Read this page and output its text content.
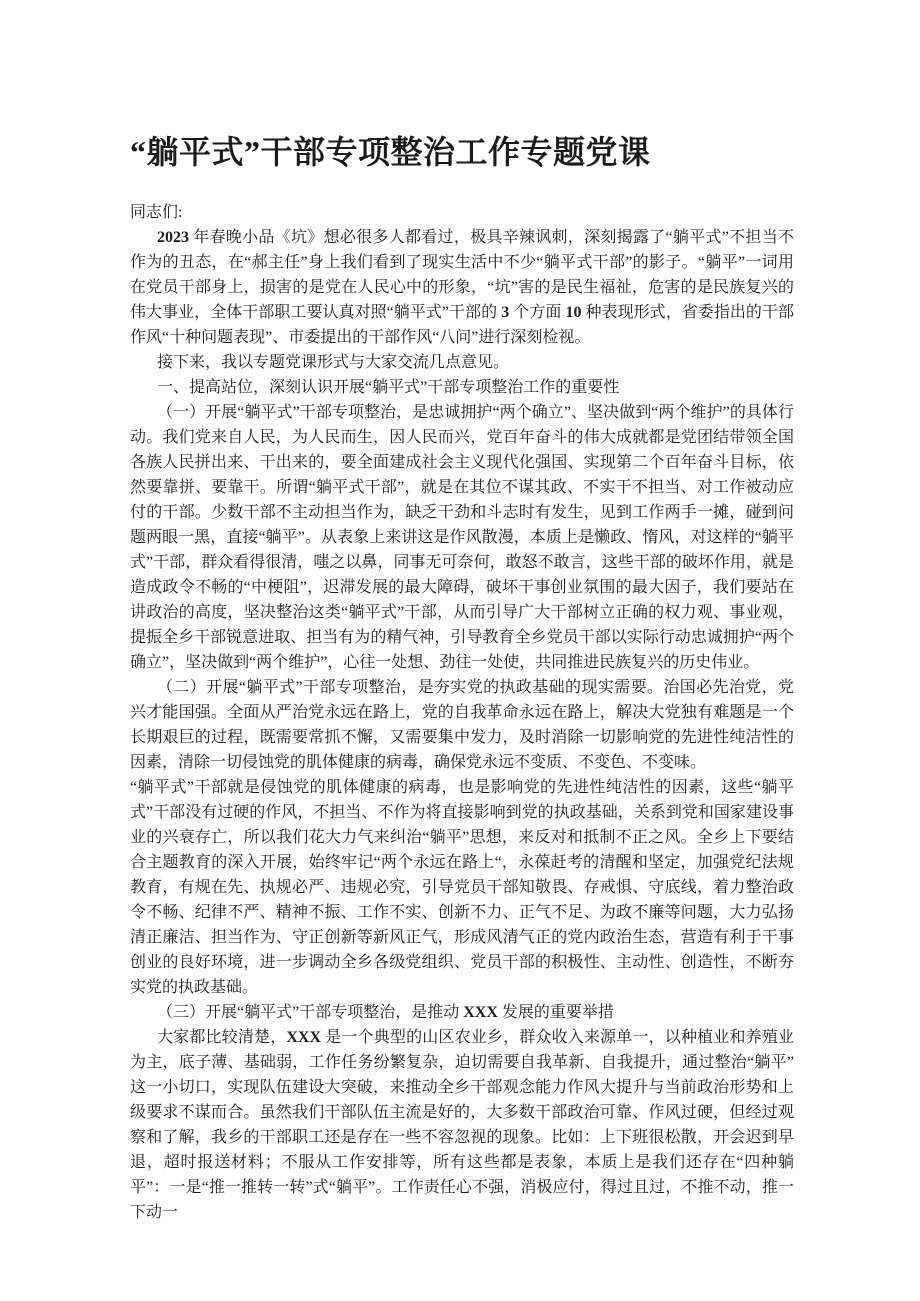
“躺平式”干部专项整治工作专题党课

同志们:

2023 年春晚小品《坑》想必很多人都看过，极具辛辣讽刺，深刻揭露了“躺平式”不担当不作为的丑态，在“郝主任”身上我们看到了现实生活中不少“躺平式干部”的影子。“躺平”一词用在党员干部身上，损害的是党在人民心中的形象，“坑”害的是民生福祉，危害的是民族复兴的伟大事业，全体干部职工要认真对照“躺平式”干部的 3 个方面 10 种表现形式，省委指出的干部作风“十种问题表现”、市委提出的干部作风“八问”进行深刻检视。

接下来，我以专题党课形式与大家交流几点意见。

一、提高站位，深刻认识开展“躺平式”干部专项整治工作的重要性

（一）开展“躺平式”干部专项整治，是忠诚拥护“两个确立”、坚决做到“两个维护”的具体行动。我们党来自人民，为人民而生，因人民而兴，党百年奋斗的伟大成就都是党团结带领全国各族人民拼出来、干出来的，要全面建成社会主义现代化强国、实现第二个百年奋斗目标，依然要靠拼、要靠干。所谓“躺平式干部”，就是在其位不谋其政、不实干不担当、对工作被动应付的干部。少数干部不主动担当作为，缺乏干劲和斗志时有发生，见到工作两手一摊，碰到问题两眼一黑，直接“躺平”。从表象上来讲这是作风散漫，本质上是懒政、惰风，对这样的“躺平式”干部，群众看得很清，嗤之以鼻，同事无可奈何，敢怒不敢言，这些干部的破坏作用，就是造成政令不畅的“中梗阻”，迟滞发展的最大障碍，破坏干事创业氛围的最大因子，我们要站在讲政治的高度，坚决整治这类“躺平式”干部，从而引导广大干部树立正确的权力观、事业观，提振全乡干部锐意进取、担当有为的精气神，引导教育全乡党员干部以实际行动忠诚拥护“两个确立”，坚决做到“两个维护”，心往一处想、劲往一处使，共同推进民族复兴的历史伟业。

（二）开展“躺平式”干部专项整治，是夯实党的执政基础的现实需要。治国必先治党，党兴才能国强。全面从严治党永远在路上，党的自我革命永远在路上，解决大党独有难题是一个长期艰巨的过程，既需要常抓不懈，又需要集中发力，及时消除一切影响党的先进性纯洁性的因素，清除一切侵蚀党的肌体健康的病毒，确保党永远不变质、不变色、不变味。

“躺平式”干部就是侵蚀党的肌体健康的病毒，也是影响党的先进性纯洁性的因素，这些“躺平式”干部没有过硬的作风，不担当、不作为将直接影响到党的执政基础，关系到党和国家建设事业的兴衰存亡，所以我们花大力气来纠治“躺平”思想，来反对和抵制不正之风。全乡上下要结合主题教育的深入开展，始终牢记“两个永远在路上“，永葆赶考的清醒和坚定，加强党纪法规教育，有规在先、执规必严、违规必究，引导党员干部知敬畏、存戒惧、守底线，着力整治政令不畅、纪律不严、精神不振、工作不实、创新不力、正气不足、为政不廉等问题，大力弘扬清正廉洁、担当作为、守正创新等新风正气，形成风清气正的党内政治生态，营造有利于干事创业的良好环境，进一步调动全乡各级党组织、党员干部的积极性、主动性、创造性，不断夯实党的执政基础。

（三）开展“躺平式”干部专项整治，是推动 XXX 发展的重要举措

大家都比较清楚，XXX 是一个典型的山区农业乡，群众收入来源单一，以种植业和养殖业为主，底子薄、基础弱，工作任务纷繁复杂，迫切需要自我革新、自我提升，通过整治“躺平”这一小切口，实现队伍建设大突破，来推动全乡干部观念能力作风大提升与当前政治形势和上级要求不谋而合。虽然我们干部队伍主流是好的，大多数干部政治可靠、作风过硬，但经过观察和了解，我乡的干部职工还是存在一些不容忽视的现象。比如：上下班很松散，开会迟到早退，超时报送材料；不服从工作安排等，所有这些都是表象，本质上是我们还存在“四种躺平”：一是“推一推转一转”式“躺平”。工作责任心不强，消极应付，得过且过，不推不动，推一下动一
